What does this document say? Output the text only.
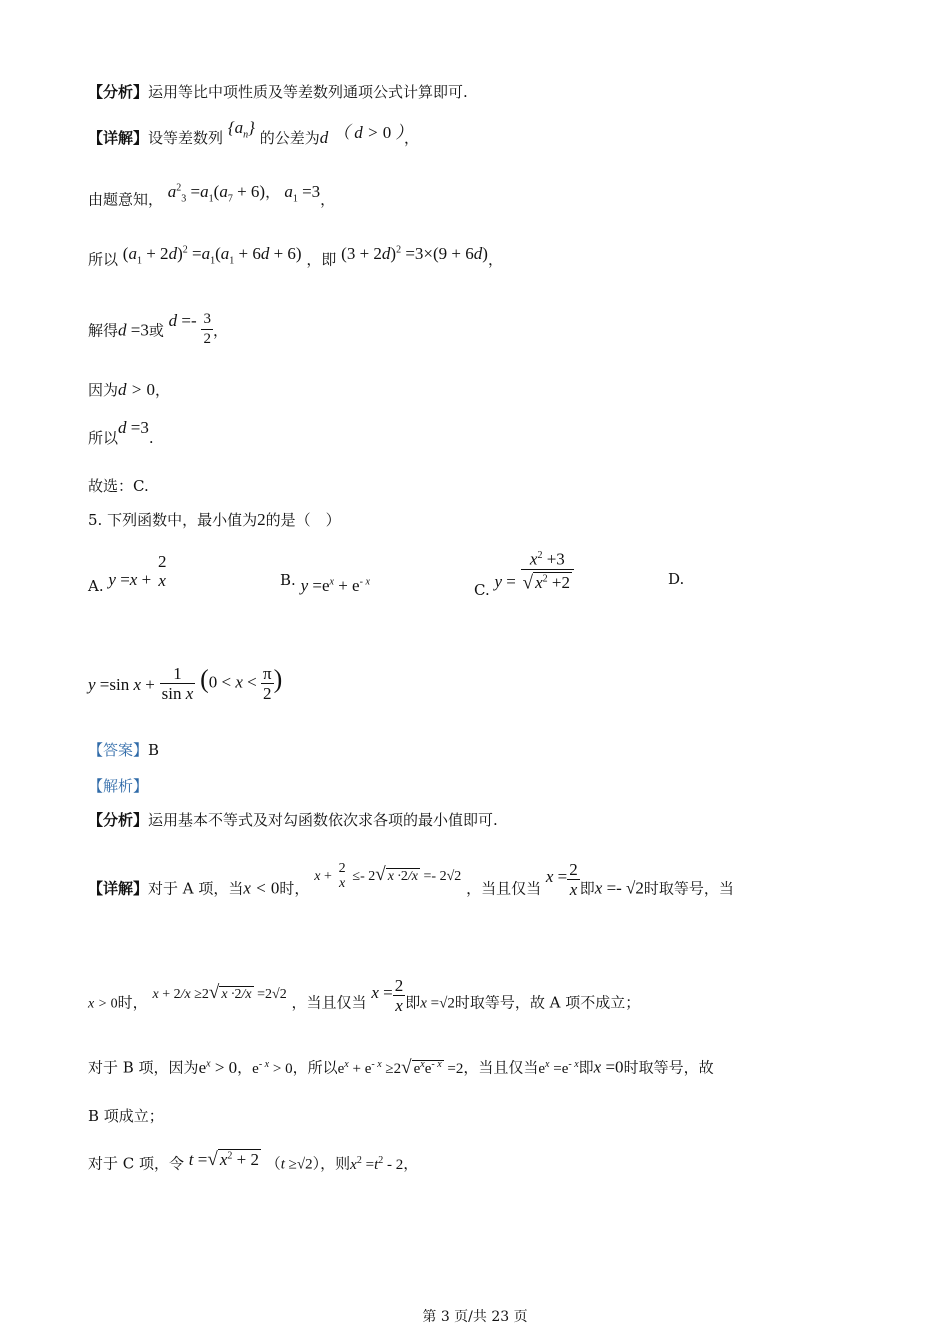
【分析】运用等比中项性质及等差数列通项公式计算即可.
【详解】设等差数列 $\{a_n\}$ 的公差为d （ d > 0 ），
由题意知， $a^2_3 =a_1(a_7 + 6)$， $a_1 =3$，
所以 $(a_1 + 2d)^2 =a_1(a_1 + 6d + 6)$ ，即 $(3 + 2d)^2 =3\times(9 + 6d)$，
解得d =3或 $d =- \frac{3}{2}$ ，
因为d > 0，
所以d =3.
故选：C.
5. 下列函数中，最小值为2的是（　）
A. y =x +
2
x	B. $y =e^x + e^{- x}$	C. $y = \frac{x^2 +3}{√ x^2 +2}$	D.
y =sin $x + \frac{1}{\text{sin x}} (0 < x < \frac{\pi}{2}$ )
【答案】B
【解析】
【分析】运用基本不等式及对勾函数依次求各项的最小值即可.
【详解】对于 A 项，当x < 0时， x +
2
x ≤- 2√ x ·2/x =- 2√2 ，当且仅当 $x = \frac{2}{x}$ 即x =- √2时取等号，当
x > 0时， x + 2/x ≥2√ x ·2/x =2√2 ，当且仅当 $x = \frac{2}{x}$ 即x =√2时取等号，故 A 项不成立；
对于 B 项，因为$e^x > 0$，$e^{- x} > 0$，所以$e^x + e^{- x} \ge 2√$ $e^xe^{- x} =2$，当且仅当$e^x =e^{- x}$即x =0时取等号，故
B 项成立；
对于 C 项，令 t =√ $x^2 + 2$ （t ≥√2），则$x^2 =t^2 - 2$，
第 3 页/共 23 页
